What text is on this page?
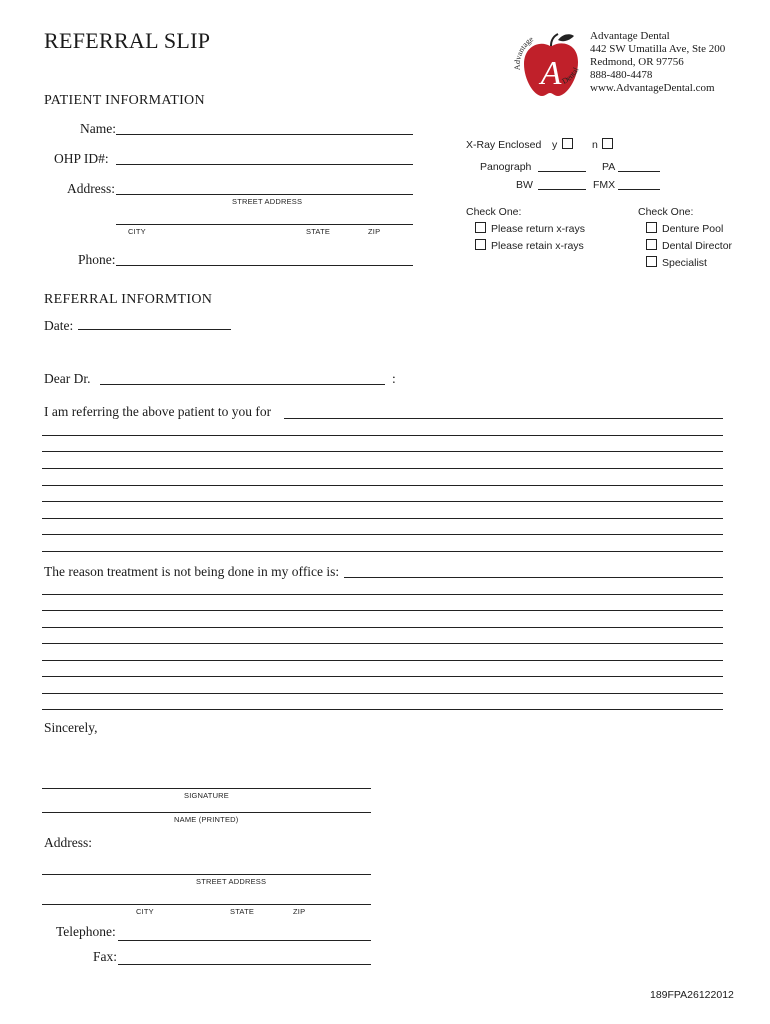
REFERRAL SLIP
A
Advantage
Dental
Advantage Dental
442 SW Umatilla Ave, Ste 200
Redmond, OR 97756
888-480-4478
www.AdvantageDental.com
PATIENT INFORMATION
Name:
OHP ID#:
Address:
STREET ADDRESS
CITY	STATE	ZIP
Phone:
X-Ray Enclosed y	n
Panograph	PA
BW	FMX
Check One:
Please return x-rays
Please retain x-rays
Check One:
Denture Pool
Dental Director
Specialist
REFERRAL INFORMTION
Date:
Dear Dr.	:
I am referring the above patient to you for
The reason treatment is not being done in my office is:
Sincerely,
SIGNATURE
NAME (PRINTED)
Address:
STREET ADDRESS
CITY	STATE	ZIP
Telephone:
Fax:
189FPA26122012
